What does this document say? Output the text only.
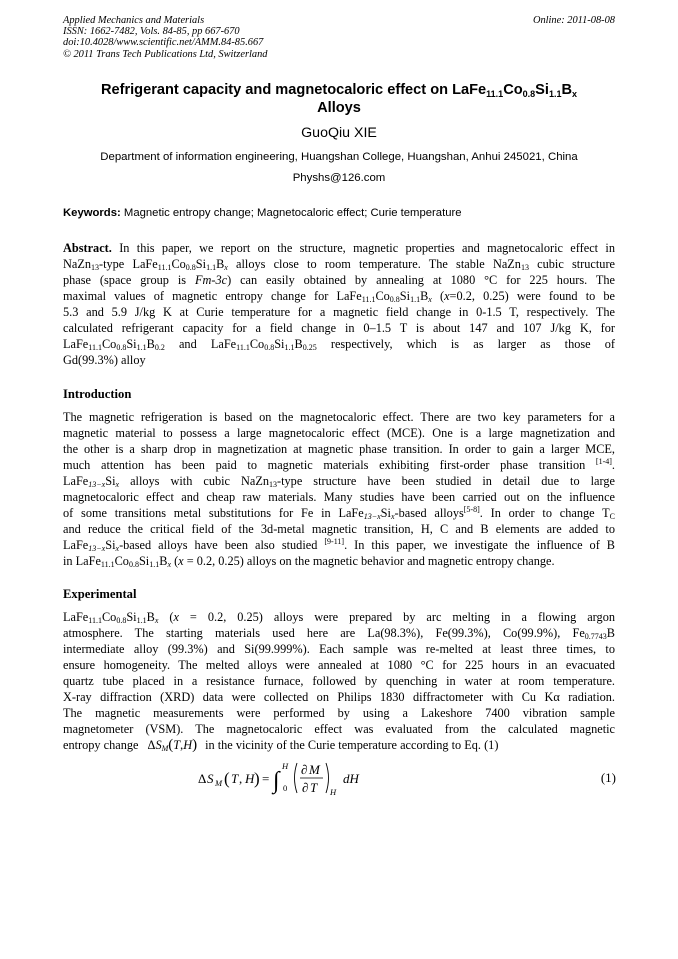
Applied Mechanics and Materials
ISSN: 1662-7482, Vols. 84-85, pp 667-670
doi:10.4028/www.scientific.net/AMM.84-85.667
© 2011 Trans Tech Publications Ltd, Switzerland
Online: 2011-08-08
Refrigerant capacity and magnetocaloric effect on $LaFe_{11.1}Co_{0.8}Si_{1.1}B_x$
Alloys
GuoQiu XIE
Department of information engineering, Huangshan College, Huangshan, Anhui 245021, China
Physhs@126.com
Keywords: Magnetic entropy change; Magnetocaloric effect; Curie temperature
Abstract. In this paper, we report on the structure, magnetic properties and magnetocaloric effect in
NaZn$_{13}$-type $LaFe_{11.1}Co_{0.8}Si_{1.1}B_x$ alloys close to room temperature. The stable NaZn$_{13}$ cubic structure
phase (space group is Fm-3c) can easily obtained by annealing at 1080 °C for 225 hours. The
maximal values of magnetic entropy change for $LaFe_{11.1}Co_{0.8}Si_{1.1}B_x$ (x=0.2, 0.25) were found to be
5.3 and 5.9 J/kg K at Curie temperature for a magnetic field change in 0-1.5 T, respectively. The
calculated refrigerant capacity for a field change in 0–1.5 T is about 147 and 107 J/kg K, for
$LaFe_{11.1}Co_{0.8}Si_{1.1}B_{0.2}$ and $LaFe_{11.1}Co_{0.8}Si_{1.1}B_{0.25}$ respectively, which is as larger as those of
Gd(99.3%) alloy
Introduction
The magnetic refrigeration is based on the magnetocaloric effect. There are two key parameters for a
magnetic material to possess a large magnetocaloric effect (MCE). One is a large magnetization and
the other is a sharp drop in magnetization at magnetic phase transition. In order to gain a larger MCE,
much attention has been paid to magnetic materials exhibiting first-order phase transition [1-4].
$LaFe_{13-x}Si_x$ alloys with cubic NaZn$_{13}$-type structure have been studied in detail due to large
magnetocaloric effect and cheap raw materials. Many studies have been carried out on the influence
of some transitions metal substitutions for Fe in $LaFe_{13-x}Si_x$-based alloys[5-8]. In order to change $T_C$
and reduce the critical field of the 3d-metal magnetic transition, H, C and B elements are added to
$LaFe_{13-x}Si_x$-based alloys have been also studied [9-11]. In this paper, we investigate the influence of B
in $LaFe_{11.1}Co_{0.8}Si_{1.1}B_x$ (x = 0.2, 0.25) alloys on the magnetic behavior and magnetic entropy change.
Experimental
$LaFe_{11.1}Co_{0.8}Si_{1.1}B_x$ (x = 0.2, 0.25) alloys were prepared by arc melting in a flowing argon
atmosphere. The starting materials used here are La(98.3%), Fe(99.3%), Co(99.9%), $Fe_{0.7743}B$
intermediate alloy (99.3%) and Si(99.999%). Each sample was re-melted at least three times, to
ensure homogeneity. The melted alloys were annealed at 1080 °C for 225 hours in an evacuated
quartz tube placed in a resistance furnace, followed by quenching in water at room temperature.
X-ray diffraction (XRD) data were collected on Philips 1830 diffractometer with Cu Kα radiation.
The magnetic measurements were performed by using a Lakeshore 7400 vibration sample
magnetometer (VSM). The magnetocaloric effect was evaluated from the calculated magnetic
entropy change $\Delta S_M(T,H)$ in the vicinity of the Curie temperature according to Eq. (1)
Δ S M ( T , H ) = ∫ 0
H ∂ M
∂ T H
dH	(1)
